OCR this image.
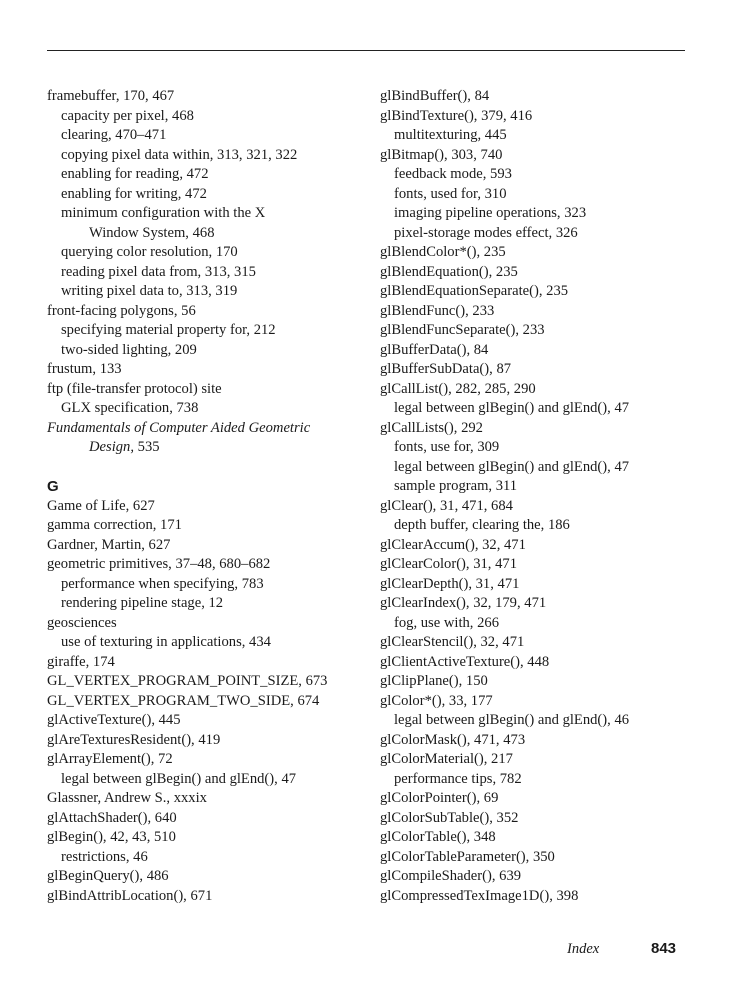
framebuffer, 170, 467
capacity per pixel, 468
clearing, 470–471
copying pixel data within, 313, 321, 322
enabling for reading, 472
enabling for writing, 472
minimum configuration with the X
Window System, 468
querying color resolution, 170
reading pixel data from, 313, 315
writing pixel data to, 313, 319
front-facing polygons, 56
specifying material property for, 212
two-sided lighting, 209
frustum, 133
ftp (file-transfer protocol) site
GLX specification, 738
Fundamentals of Computer Aided Geometric
Design, 535
G
Game of Life, 627
gamma correction, 171
Gardner, Martin, 627
geometric primitives, 37–48, 680–682
performance when specifying, 783
rendering pipeline stage, 12
geosciences
use of texturing in applications, 434
giraffe, 174
GL_VERTEX_PROGRAM_POINT_SIZE, 673
GL_VERTEX_PROGRAM_TWO_SIDE, 674
glActiveTexture(), 445
glAreTexturesResident(), 419
glArrayElement(), 72
legal between glBegin() and glEnd(), 47
Glassner, Andrew S., xxxix
glAttachShader(), 640
glBegin(), 42, 43, 510
restrictions, 46
glBeginQuery(), 486
glBindAttribLocation(), 671
glBindBuffer(), 84
glBindTexture(), 379, 416
multitexturing, 445
glBitmap(), 303, 740
feedback mode, 593
fonts, used for, 310
imaging pipeline operations, 323
pixel-storage modes effect, 326
glBlendColor*(), 235
glBlendEquation(), 235
glBlendEquationSeparate(), 235
glBlendFunc(), 233
glBlendFuncSeparate(), 233
glBufferData(), 84
glBufferSubData(), 87
glCallList(), 282, 285, 290
legal between glBegin() and glEnd(), 47
glCallLists(), 292
fonts, use for, 309
legal between glBegin() and glEnd(), 47
sample program, 311
glClear(), 31, 471, 684
depth buffer, clearing the, 186
glClearAccum(), 32, 471
glClearColor(), 31, 471
glClearDepth(), 31, 471
glClearIndex(), 32, 179, 471
fog, use with, 266
glClearStencil(), 32, 471
glClientActiveTexture(), 448
glClipPlane(), 150
glColor*(), 33, 177
legal between glBegin() and glEnd(), 46
glColorMask(), 471, 473
glColorMaterial(), 217
performance tips, 782
glColorPointer(), 69
glColorSubTable(), 352
glColorTable(), 348
glColorTableParameter(), 350
glCompileShader(), 639
glCompressedTexImage1D(), 398
Index	843
